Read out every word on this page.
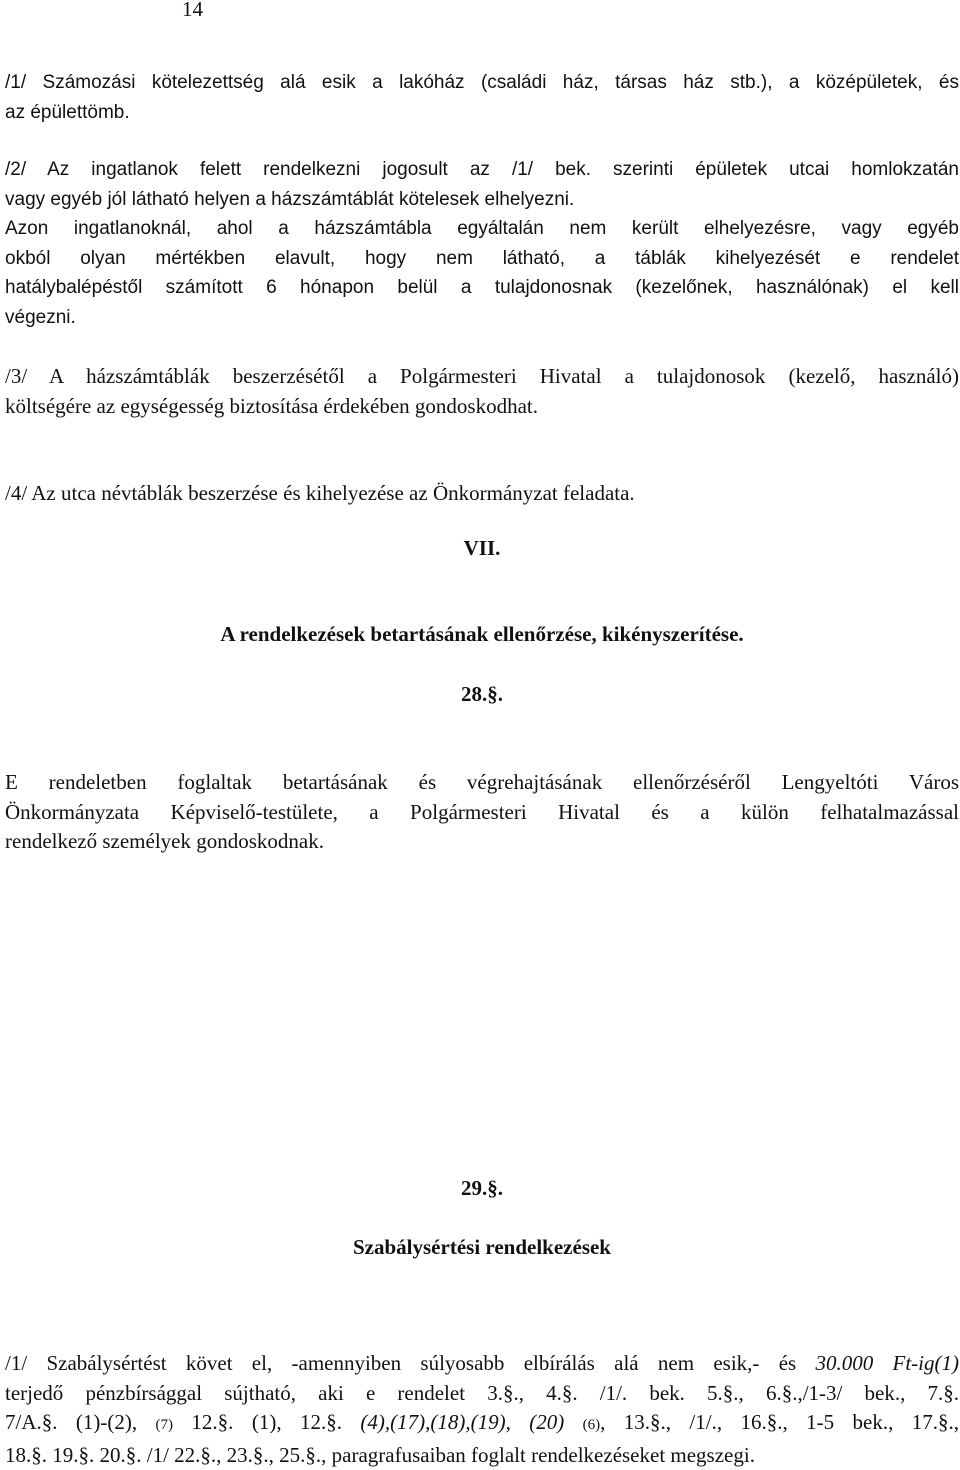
14
/1/ Számozási kötelezettség alá esik a lakóház (családi ház, társas ház stb.), a középületek, és
az épülettömb.
/2/ Az ingatlanok felett rendelkezni jogosult az /1/ bek. szerinti épületek utcai homlokzatán
vagy egyéb jól látható helyen a házszámtáblát kötelesek elhelyezni.
Azon ingatlanoknál, ahol a házszámtábla egyáltalán nem került elhelyezésre, vagy egyéb
okból olyan mértékben elavult, hogy nem látható, a táblák kihelyezését e rendelet
hatálybalépéstől számított 6 hónapon belül a tulajdonosnak (kezelőnek, használónak) el kell
végezni.
/3/ A házszámtáblák beszerzésétől a Polgármesteri Hivatal a tulajdonosok (kezelő, használó)
költségére az egységesség biztosítása érdekében gondoskodhat.
/4/ Az utca névtáblák beszerzése és kihelyezése az Önkormányzat feladata.
VII.
A rendelkezések betartásának ellenőrzése, kikényszerítése.
28.§.
E rendeletben foglaltak betartásának és végrehajtásának ellenőrzéséről Lengyeltóti Város
Önkormányzata Képviselő-testülete, a Polgármesteri Hivatal és a külön felhatalmazással
rendelkező személyek gondoskodnak.
29.§.
Szabálysértési rendelkezések
/1/ Szabálysértést követ el, -amennyiben súlyosabb elbírálás alá nem esik,- és 30.000 Ft-ig(1)
terjedő pénzbírsággal sújtható, aki e rendelet 3.§., 4.§. /1/. bek. 5.§., 6.§.,/1-3/ bek., 7.§.
7/A.§. (1)-(2), (7) 12.§. (1), 12.§. (4),(17),(18),(19), (20) (6), 13.§., /1/., 16.§., 1-5 bek., 17.§.,
18.§. 19.§. 20.§. /1/ 22.§., 23.§., 25.§., paragrafusaiban foglalt rendelkezéseket megszegi.
